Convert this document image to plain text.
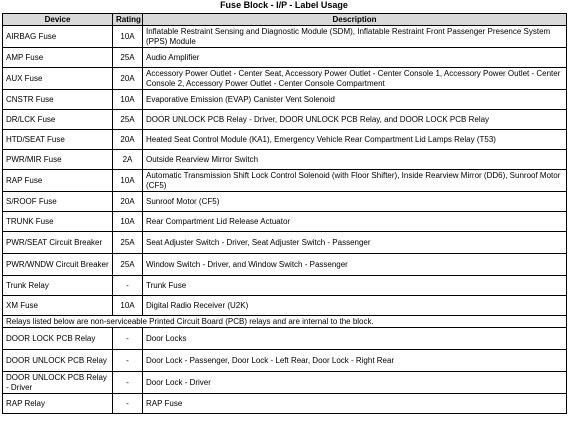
Fuse Block - I/P - Label Usage
Device	Rating	Description
AIRBAG Fuse	10A	Inflatable Restraint Sensing and Diagnostic Module (SDM), Inflatable Restraint Front Passenger Presence System (PPS) Module
AMP Fuse	25A	Audio Amplifier
AUX Fuse	20A	Accessory Power Outlet - Center Seat, Accessory Power Outlet - Center Console 1, Accessory Power Outlet - Center Console 2, Accessory Power Outlet - Center Console Compartment
CNSTR Fuse	10A	Evaporative Emission (EVAP) Canister Vent Solenoid
DR/LCK Fuse	25A	DOOR UNLOCK PCB Relay - Driver, DOOR UNLOCK PCB Relay, and DOOR LOCK PCB Relay
HTD/SEAT Fuse	20A	Heated Seat Control Module (KA1), Emergency Vehicle Rear Compartment Lid Lamps Relay (T53)
PWR/MIR Fuse	2A	Outside Rearview Mirror Switch
RAP Fuse	10A	Automatic Transmission Shift Lock Control Solenoid (with Floor Shifter), Inside Rearview Mirror (DD6), Sunroof Motor (CF5)
S/ROOF Fuse	20A	Sunroof Motor (CF5)
TRUNK Fuse	10A	Rear Compartment Lid Release Actuator
PWR/SEAT Circuit Breaker	25A	Seat Adjuster Switch - Driver, Seat Adjuster Switch - Passenger
PWR/WNDW Circuit Breaker	25A	Window Switch - Driver, and Window Switch - Passenger
Trunk Relay	-	Trunk Fuse
XM Fuse	10A	Digital Radio Receiver (U2K)
Relays listed below are non-serviceable Printed Circuit Board (PCB) relays and are internal to the block.		
DOOR LOCK PCB Relay	-	Door Locks
DOOR UNLOCK PCB Relay	-	Door Lock - Passenger, Door Lock - Left Rear, Door Lock - Right Rear
DOOR UNLOCK PCB Relay - Driver	-	Door Lock - Driver
RAP Relay	-	RAP Fuse
